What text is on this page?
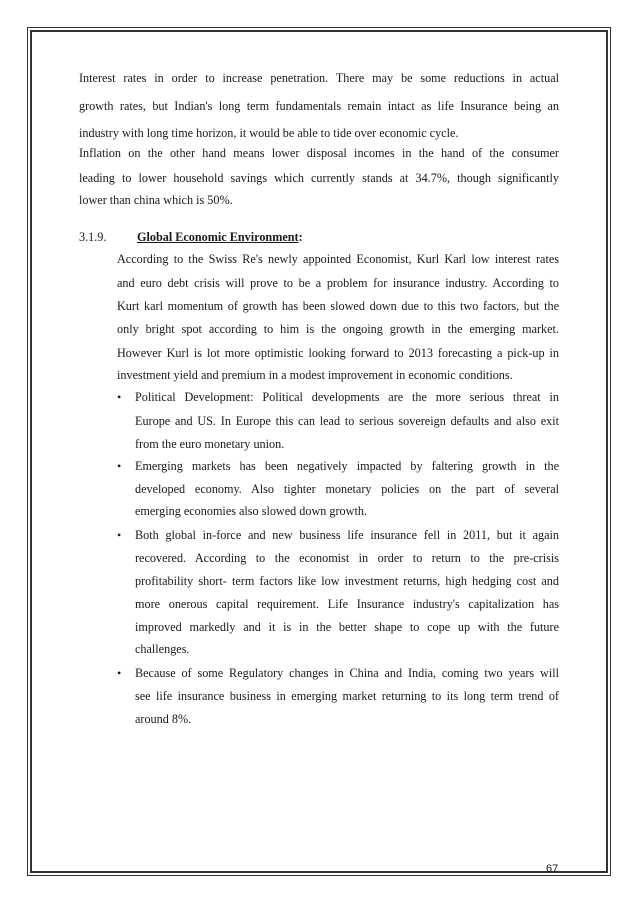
Interest rates in order to increase penetration. There may be some reductions in actual
growth rates, but Indian's long term fundamentals remain intact as life Insurance being an
industry with long time horizon, it would be able to tide over economic cycle.
Inflation on the other hand means lower disposal incomes in the hand of the consumer
leading to lower household savings which currently stands at 34.7%, though significantly
lower than china which is 50%.
3.1.9.	Global Economic Environment:
According to the Swiss Re's newly appointed Economist, Kurl Karl low interest rates
and euro debt crisis will prove to be a problem for insurance industry. According to
Kurt karl momentum of growth has been slowed down due to this two factors, but the
only bright spot according to him is the ongoing growth in the emerging market.
However Kurl is lot more optimistic looking forward to 2013 forecasting a pick-up in
investment yield and premium in a modest improvement in economic conditions.
• Political Development: Political developments are the more serious threat in
Europe and US. In Europe this can lead to serious sovereign defaults and also exit
from the euro monetary union.
• Emerging markets has been negatively impacted by faltering growth in the
developed economy. Also tighter monetary policies on the part of several
emerging economies also slowed down growth.
• Both global in-force and new business life insurance fell in 2011, but it again
recovered. According to the economist in order to return to the pre-crisis
profitability short- term factors like low investment returns, high hedging cost and
more onerous capital requirement. Life Insurance industry's capitalization has
improved markedly and it is in the better shape to cope up with the future
challenges.
• Because of some Regulatory changes in China and India, coming two years will
see life insurance business in emerging market returning to its long term trend of
around 8%.
67
